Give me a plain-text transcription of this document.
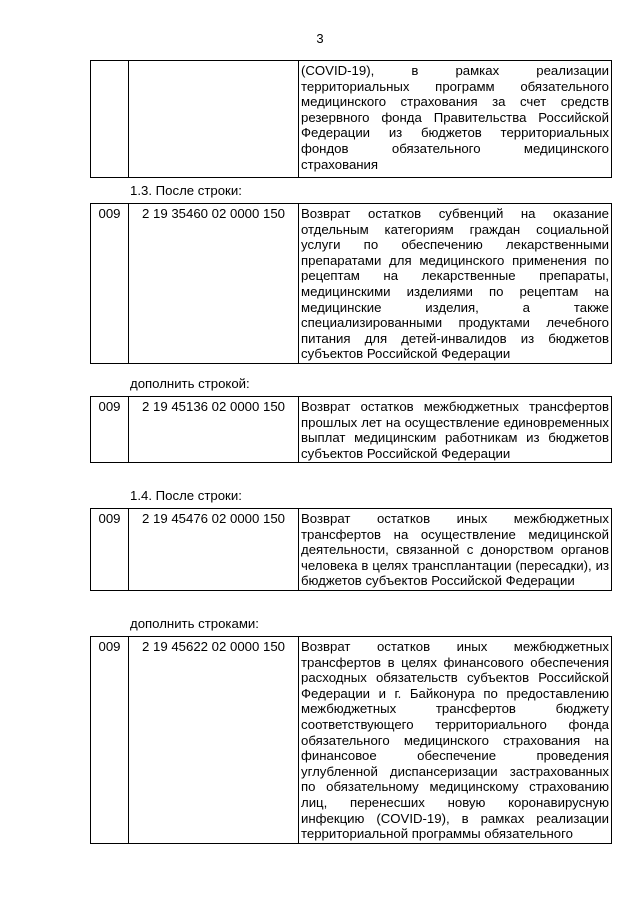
3
		(COVID-19), в рамках реализации территориальных программ обязательного медицинского страхования за счет средств резервного фонда Правительства Российской Федерации из бюджетов территориальных фондов обязательного медицинского страхования
1.3. После строки:
009	2 19 35460 02 0000 150	Возврат остатков субвенций на оказание отдельным категориям граждан социальной услуги по обеспечению лекарственными препаратами для медицинского применения по рецептам на лекарственные препараты, медицинскими изделиями по рецептам на медицинские изделия, а также специализированными продуктами лечебного питания для детей-инвалидов из бюджетов субъектов Российской Федерации
дополнить строкой:
009	2 19 45136 02 0000 150	Возврат остатков межбюджетных трансфертов прошлых лет на осуществление единовременных выплат медицинским работникам из бюджетов субъектов Российской Федерации
1.4. После строки:
009	2 19 45476 02 0000 150	Возврат остатков иных межбюджетных трансфертов на осуществление медицинской деятельности, связанной с донорством органов человека в целях трансплантации (пересадки), из бюджетов субъектов Российской Федерации
дополнить строками:
009	2 19 45622 02 0000 150	Возврат остатков иных межбюджетных трансфертов в целях финансового обеспечения расходных обязательств субъектов Российской Федерации и г. Байконура по предоставлению межбюджетных трансфертов бюджету соответствующего территориального фонда обязательного медицинского страхования на финансовое обеспечение проведения углубленной диспансеризации застрахованных по обязательному медицинскому страхованию лиц, перенесших новую коронавирусную инфекцию (COVID-19), в рамках реализации территориальной программы обязательного
